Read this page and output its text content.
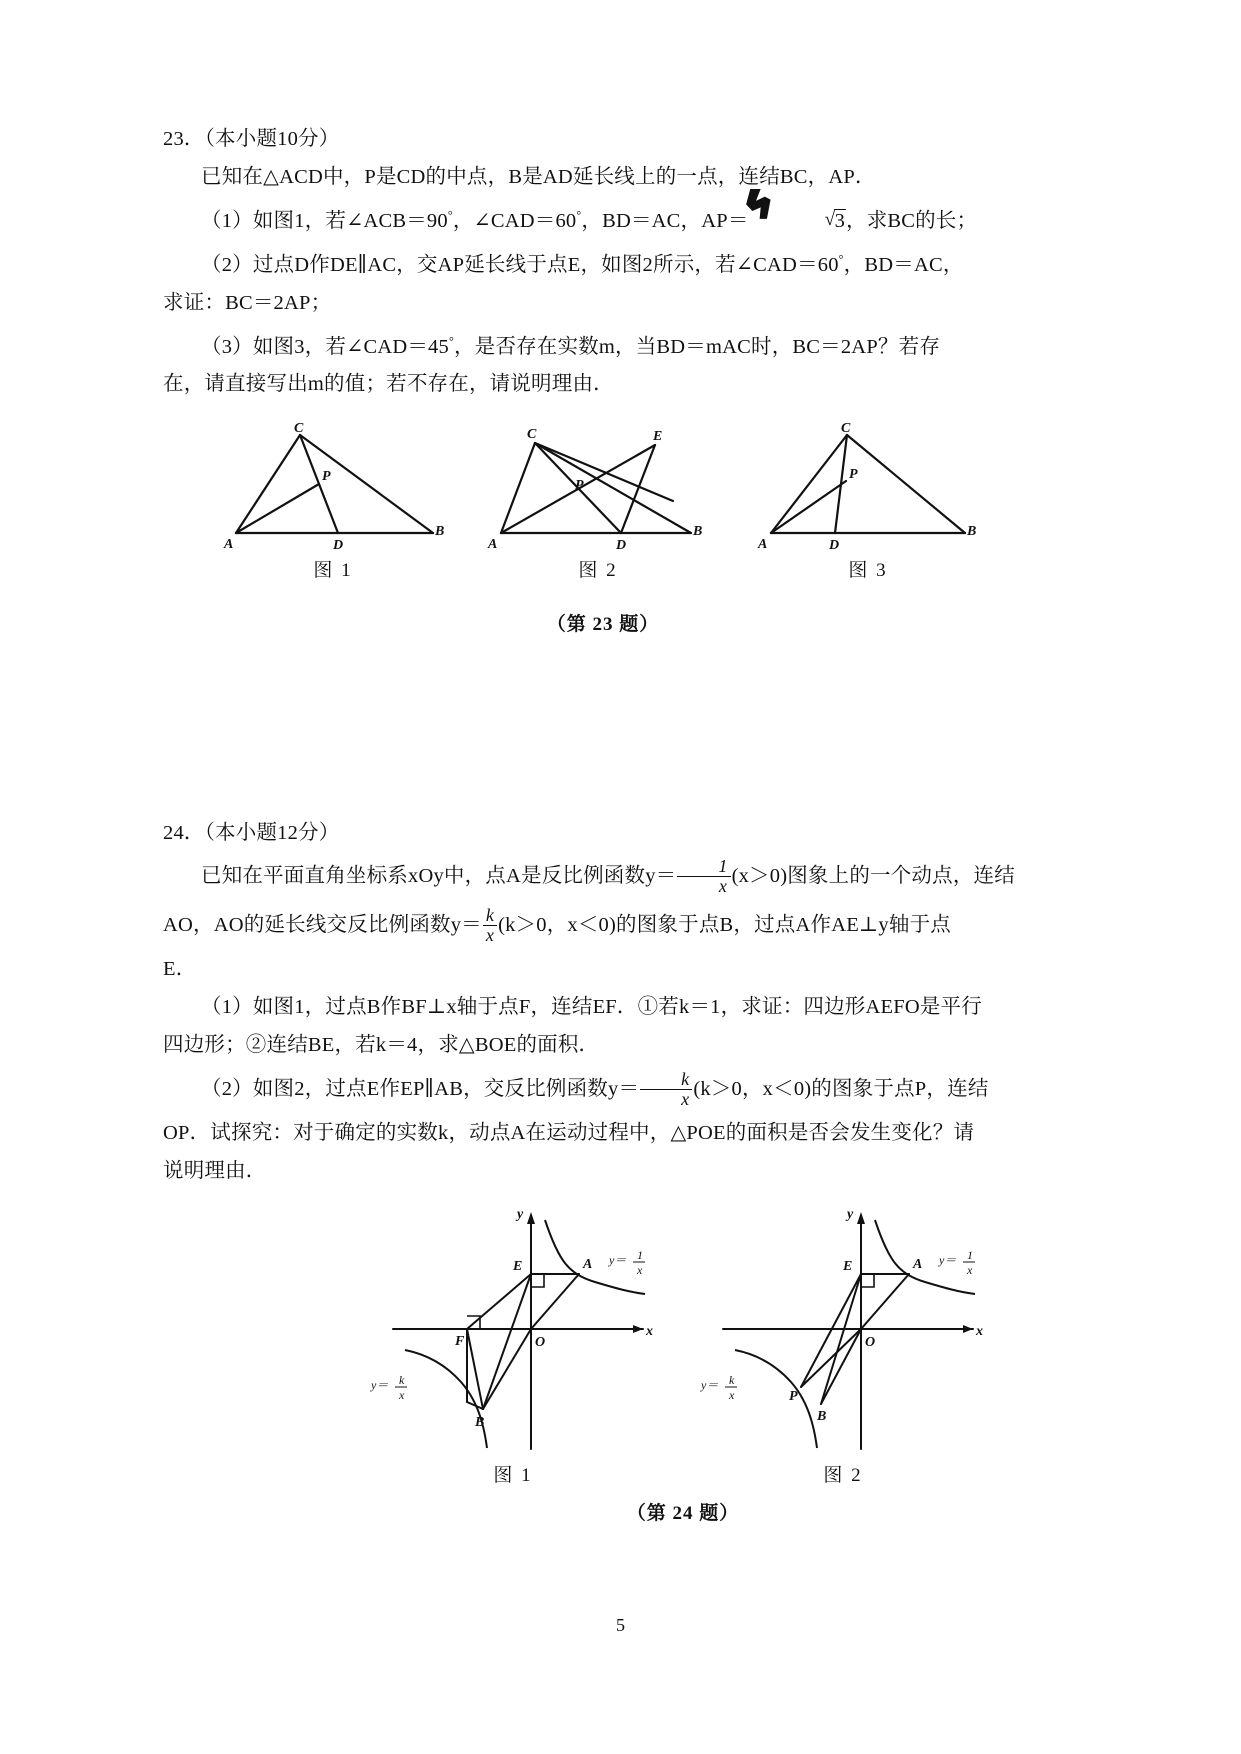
23．（本小题10分）
已知在△ACD中，P是CD的中点，B是AD延长线上的一点，连结BC，AP．
（1）如图1，若∠ACB＝90°，∠CAD＝60°，BD＝AC，AP＝	√ 3
，求BC的长；
（2）过点D作DE∥AC，交AP延长线于点E，如图2所示，若∠CAD＝60°，BD＝AC，
求证：BC＝2AP；
（3）如图3，若∠CAD＝45°，是否存在实数m，当BD＝mAC时，BC＝2AP？若存
在，请直接写出m的值；若不存在，请说明理由．
C
P
A	D
B
图 1
C	E
P
A	D
B
图 2
C
P
A	D
B
图 3
（第 23 题）
24．（本小题12分）
已知在平面直角坐标系xOy中，点A是反比例函数$y= \frac{1}{x} (x>0)$图象上的一个动点，连结
AO，AO的延长线交反比例函数$y= \frac{k}{x} (k>0$，x＜0)的图象于点B，过点A作AE⊥y轴于点
E．
（1）如图1，过点B作BF⊥x轴于点F，连结EF．①若k＝1，求证：四边形AEFO是平行
四边形；②连结BE，若k＝4，求△BOE的面积．
（2）如图2，过点E作EP∥AB，交反比例函数$y= \frac{k}{x} (k>0$，x＜0)的图象于点P，连结
OP．试探究：对于确定的实数k，动点A在运动过程中，△POE的面积是否会发生变化？请
说明理由．
y
x
O
E	A
F
B
y＝ 1
x
y＝ k
x
图 1
y
x
O
E	A
P
B
y＝ 1
x
y＝ k
x
图 2
（第 24 题）
5
